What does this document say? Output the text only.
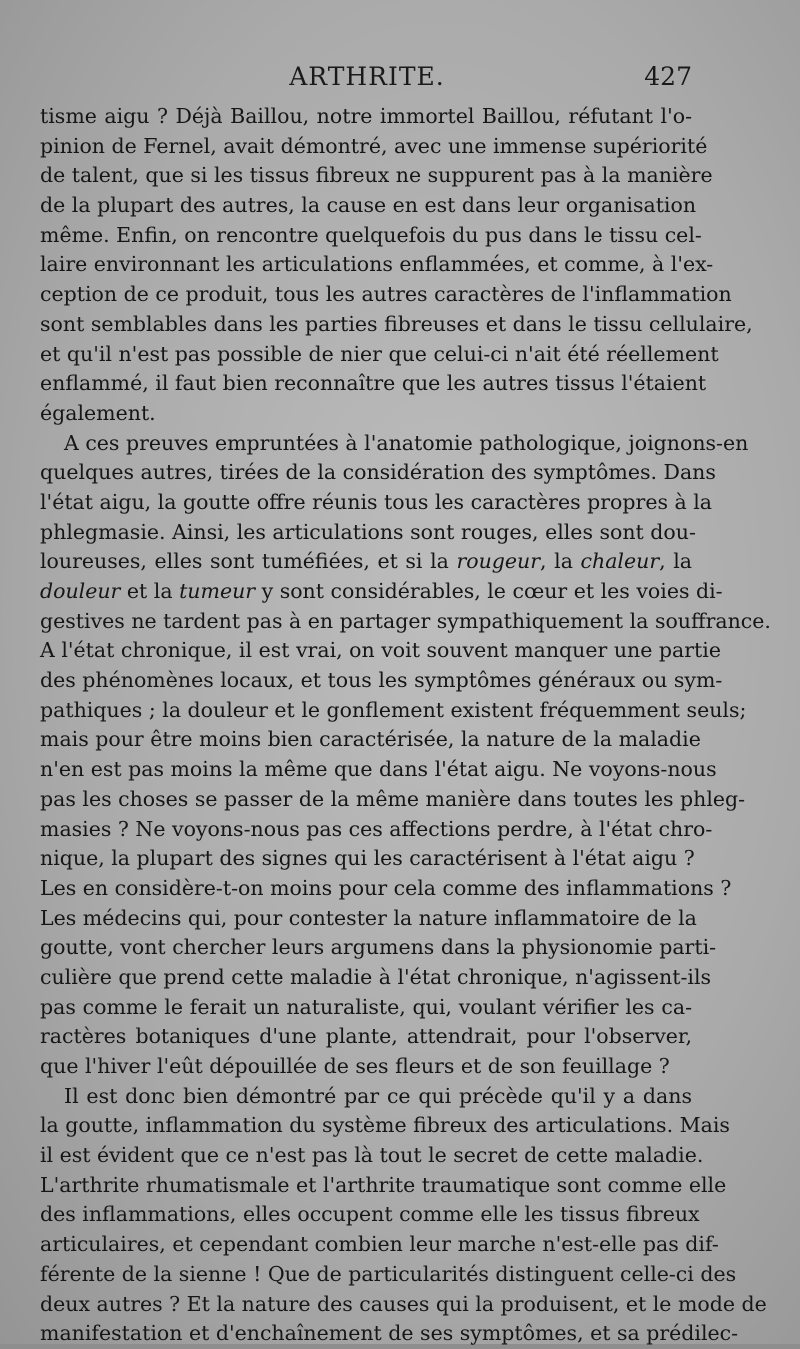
ARTHRITE.	427
tisme aigu ? Déjà Baillou, notre immortel Baillou, réfutant l'o-
pinion de Fernel, avait démontré, avec une immense supériorité
de talent, que si les tissus fibreux ne suppurent pas à la manière
de la plupart des autres, la cause en est dans leur organisation
même. Enfin, on rencontre quelquefois du pus dans le tissu cel-
laire environnant les articulations enflammées, et comme, à l'ex-
ception de ce produit, tous les autres caractères de l'inflammation
sont semblables dans les parties fibreuses et dans le tissu cellulaire,
et qu'il n'est pas possible de nier que celui-ci n'ait été réellement
enflammé, il faut bien reconnaître que les autres tissus l'étaient
également.
A ces preuves empruntées à l'anatomie pathologique, joignons-en
quelques autres, tirées de la considération des symptômes. Dans
l'état aigu, la goutte offre réunis tous les caractères propres à la
phlegmasie. Ainsi, les articulations sont rouges, elles sont dou-
loureuses, elles sont tuméfiées, et si la rougeur, la chaleur, la
douleur et la tumeur y sont considérables, le cœur et les voies di-
gestives ne tardent pas à en partager sympathiquement la souffrance.
A l'état chronique, il est vrai, on voit souvent manquer une partie
des phénomènes locaux, et tous les symptômes généraux ou sym-
pathiques ; la douleur et le gonflement existent fréquemment seuls;
mais pour être moins bien caractérisée, la nature de la maladie
n'en est pas moins la même que dans l'état aigu. Ne voyons-nous
pas les choses se passer de la même manière dans toutes les phleg-
masies ? Ne voyons-nous pas ces affections perdre, à l'état chro-
nique, la plupart des signes qui les caractérisent à l'état aigu ?
Les en considère-t-on moins pour cela comme des inflammations ?
Les médecins qui, pour contester la nature inflammatoire de la
goutte, vont chercher leurs argumens dans la physionomie parti-
culière que prend cette maladie à l'état chronique, n'agissent-ils
pas comme le ferait un naturaliste, qui, voulant vérifier les ca-
ractères botaniques d'une plante, attendrait, pour l'observer,
que l'hiver l'eût dépouillée de ses fleurs et de son feuillage ?
Il est donc bien démontré par ce qui précède qu'il y a dans
la goutte, inflammation du système fibreux des articulations. Mais
il est évident que ce n'est pas là tout le secret de cette maladie.
L'arthrite rhumatismale et l'arthrite traumatique sont comme elle
des inflammations, elles occupent comme elle les tissus fibreux
articulaires, et cependant combien leur marche n'est-elle pas dif-
férente de la sienne ! Que de particularités distinguent celle-ci des
deux autres ? Et la nature des causes qui la produisent, et le mode de
manifestation et d'enchaînement de ses symptômes, et sa prédilec-
